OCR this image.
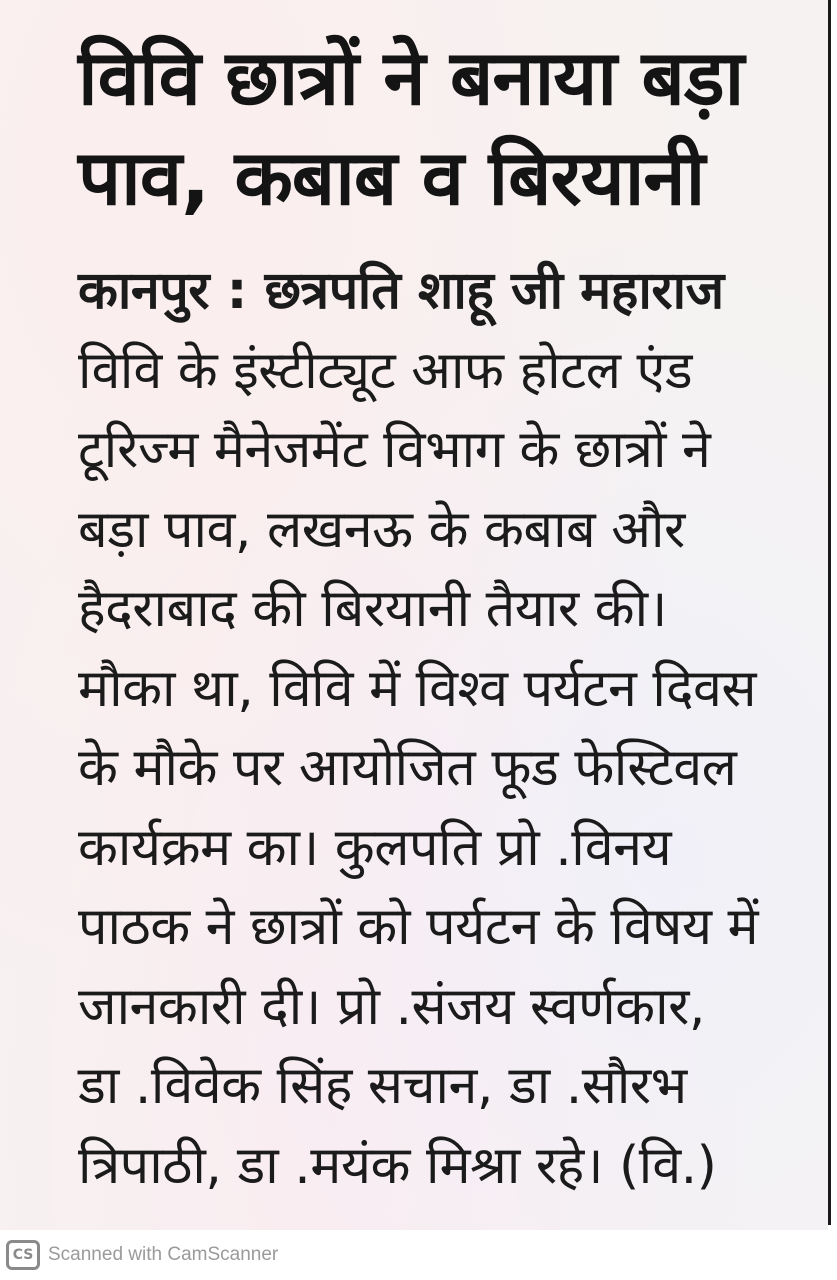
विवि छात्रों ने बनाया बड़ा
पाव, कबाब व बिरयानी

कानपुर : छत्रपति शाहू जी महाराज
विवि के इंस्टीट्यूट आफ होटल एंड
टूरिज्म मैनेजमेंट विभाग के छात्रों ने
बड़ा पाव, लखनऊ के कबाब और
हैदराबाद की बिरयानी तैयार की।
मौका था, विवि में विश्व पर्यटन दिवस
के मौके पर आयोजित फूड फेस्टिवल
कार्यक्रम का। कुलपति प्रो .विनय
पाठक ने छात्रों को पर्यटन के विषय में
जानकारी दी। प्रो .संजय स्वर्णकार,
डा .विवेक सिंह सचान, डा .सौरभ
त्रिपाठी, डा .मयंक मिश्रा रहे। (वि.)

CS Scanned with CamScanner
